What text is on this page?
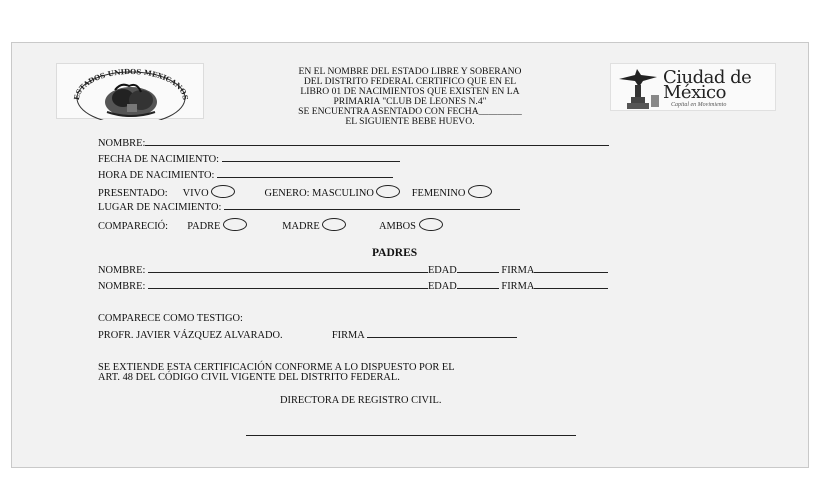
ESTADOS UNIDOS MEXICANOS
EN EL NOMBRE DEL ESTADO LIBRE Y SOBERANO
DEL DISTRITO FEDERAL CERTIFICO QUE EN EL
LIBRO 01 DE NACIMIENTOS QUE EXISTEN EN LA
PRIMARIA "CLUB DE LEONES N.4"
SE ENCUENTRA ASENTADO CON FECHA_________
EL SIGUIENTE BEBE HUEVO.
Ciudad de México
Capital en Movimiento
NOMBRE:
FECHA DE NACIMIENTO:
HORA DE NACIMIENTO:
PRESENTADO: VIVO	GENERO: MASCULINO	FEMENINO
LUGAR DE NACIMIENTO:
COMPARECIÓ: PADRE	MADRE	AMBOS
PADRES
NOMBRE:	EDAD	FIRMA
NOMBRE:	EDAD	FIRMA
COMPARECE COMO TESTIGO:
PROFR. JAVIER VÁZQUEZ ALVARADO.	FIRMA
SE EXTIENDE ESTA CERTIFICACIÓN CONFORME A LO DISPUESTO POR EL
ART. 48 DEL CÓDIGO CIVIL VIGENTE DEL DISTRITO FEDERAL.
DIRECTORA DE REGISTRO CIVIL.
